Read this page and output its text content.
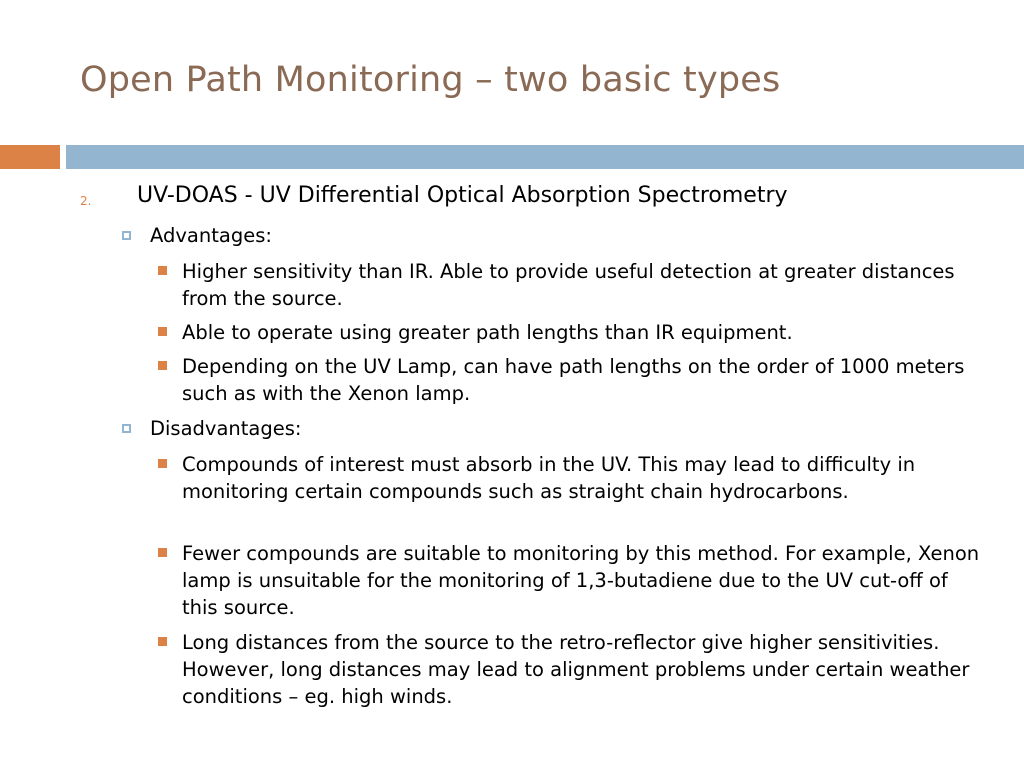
Open Path Monitoring – two basic types
2. UV-DOAS - UV Differential Optical Absorption Spectrometry
Advantages:
Higher sensitivity than IR. Able to provide useful detection at greater distances from the source.
Able to operate using greater path lengths than IR equipment.
Depending on the UV Lamp, can have path lengths on the order of 1000 meters such as with the Xenon lamp.
Disadvantages:
Compounds of interest must absorb in the UV. This may lead to difficulty in monitoring certain compounds such as straight chain hydrocarbons.
Fewer compounds are suitable to monitoring by this method. For example, Xenon lamp is unsuitable for the monitoring of 1,3-butadiene due to the UV cut-off of this source.
Long distances from the source to the retro-reflector give higher sensitivities. However, long distances may lead to alignment problems under certain weather conditions – eg. high winds.
